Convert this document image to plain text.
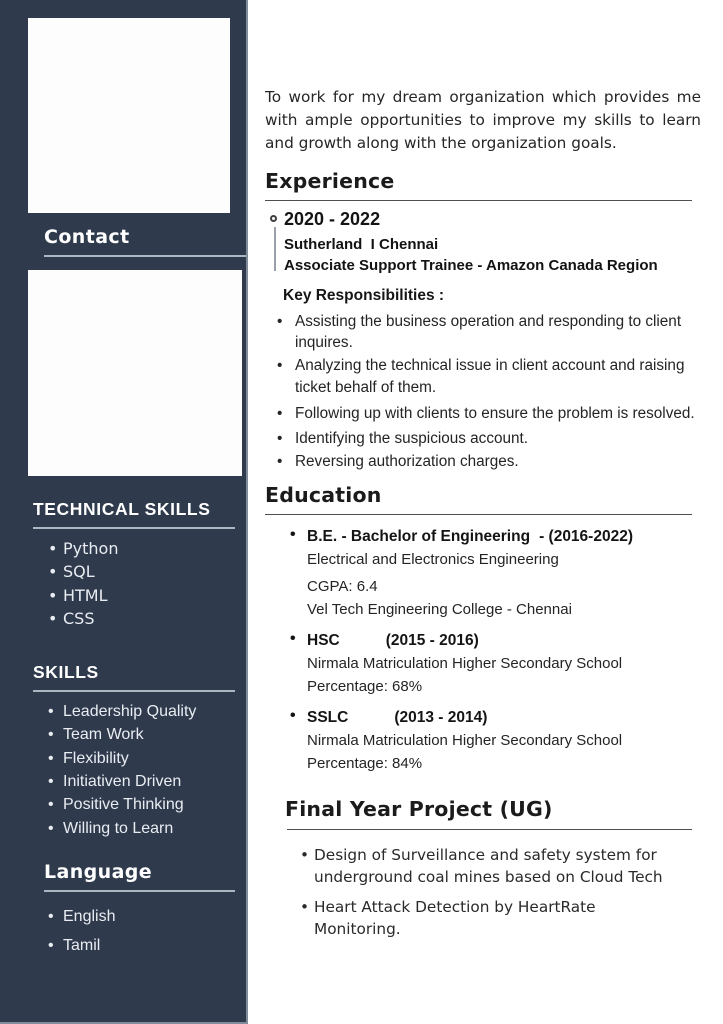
Contact
TECHNICAL SKILLS
• Python
• SQL
• HTML
• CSS
SKILLS
• Leadership Quality
• Team Work
• Flexibility
• Initiativen Driven
• Positive Thinking
• Willing to Learn
Language
• English
• Tamil

To work for my dream organization which provides me with ample opportunities to improve my skills to learn and growth along with the organization goals.

Experience
2020 - 2022
Sutherland  I Chennai
Associate Support Trainee - Amazon Canada Region
Key Responsibilities :
• Assisting the business operation and responding to client inquires.
• Analyzing the technical issue in client account and raising ticket behalf of them.
• Following up with clients to ensure the problem is resolved.
• Identifying the suspicious account.
• Reversing authorization charges.
Education
• B.E. - Bachelor of Engineering - (2016-2022)
Electrical and Electronics Engineering
CGPA: 6.4
Vel Tech Engineering College - Chennai
• HSC	(2015 - 2016)
Nirmala Matriculation Higher Secondary School
Percentage: 68%
• SSLC	(2013 - 2014)
Nirmala Matriculation Higher Secondary School
Percentage: 84%
Final Year Project (UG)
• Design of Surveillance and safety system for underground coal mines based on Cloud Tech
• Heart Attack Detection by HeartRate Monitoring.
